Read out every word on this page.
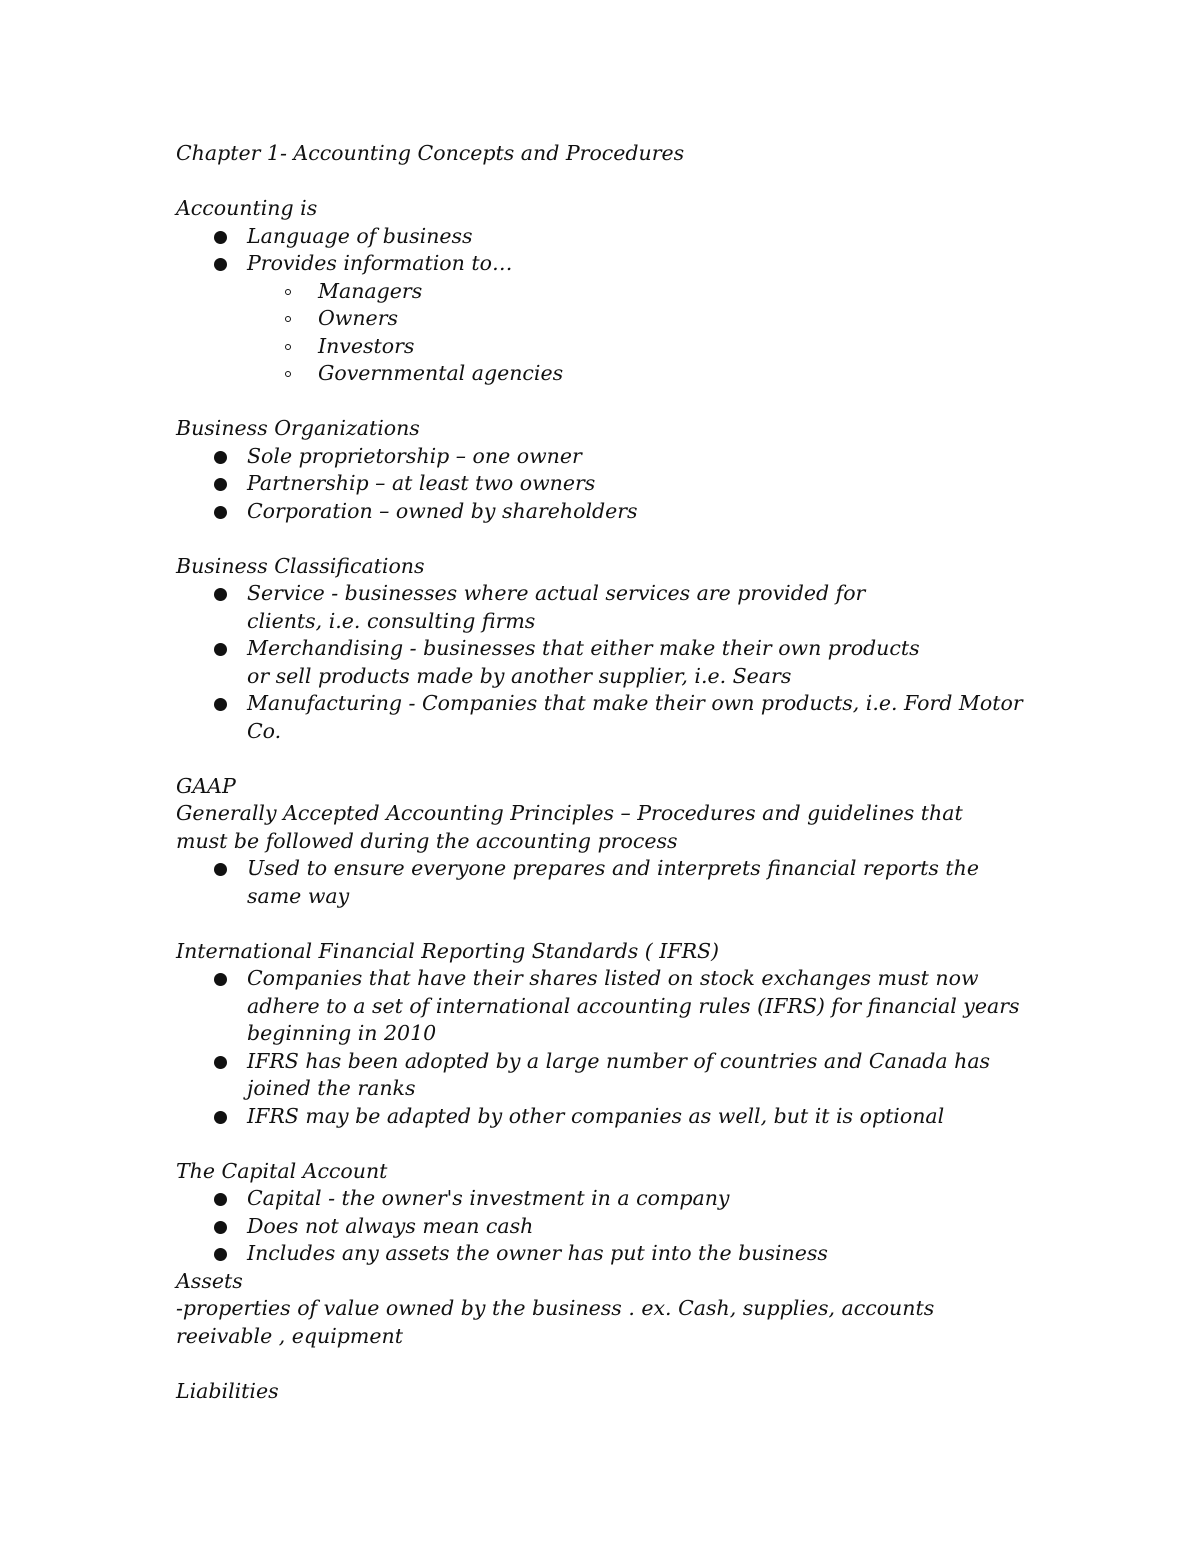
Chapter 1- Accounting Concepts and Procedures

Accounting is

Language of business
Provides information to…
Managers
Owners
Investors
Governmental agencies

Business Organizations

Sole proprietorship – one owner
Partnership – at least two owners
Corporation – owned by shareholders

Business Classifications

Service - businesses where actual services are provided for clients, i.e. consulting firms
Merchandising - businesses that either make their own products or sell products made by another supplier, i.e. Sears
Manufacturing - Companies that make their own products, i.e. Ford Motor Co.

GAAP

Generally Accepted Accounting Principles – Procedures and guidelines that must be followed during the accounting process

Used to ensure everyone prepares and interprets financial reports the same way

International Financial Reporting Standards ( IFRS)

Companies that have their shares listed on stock exchanges must now adhere to a set of international accounting rules (IFRS) for financial years beginning in 2010
IFRS has been adopted by a large number of countries and Canada has joined the ranks
IFRS may be adapted by other companies as well, but it is optional

The Capital Account

Capital - the owner's investment in a company
Does not always mean cash
Includes any assets the owner has put into the business

Assets

-properties of value owned by the business . ex. Cash, supplies, accounts reeivable , equipment

Liabilities
